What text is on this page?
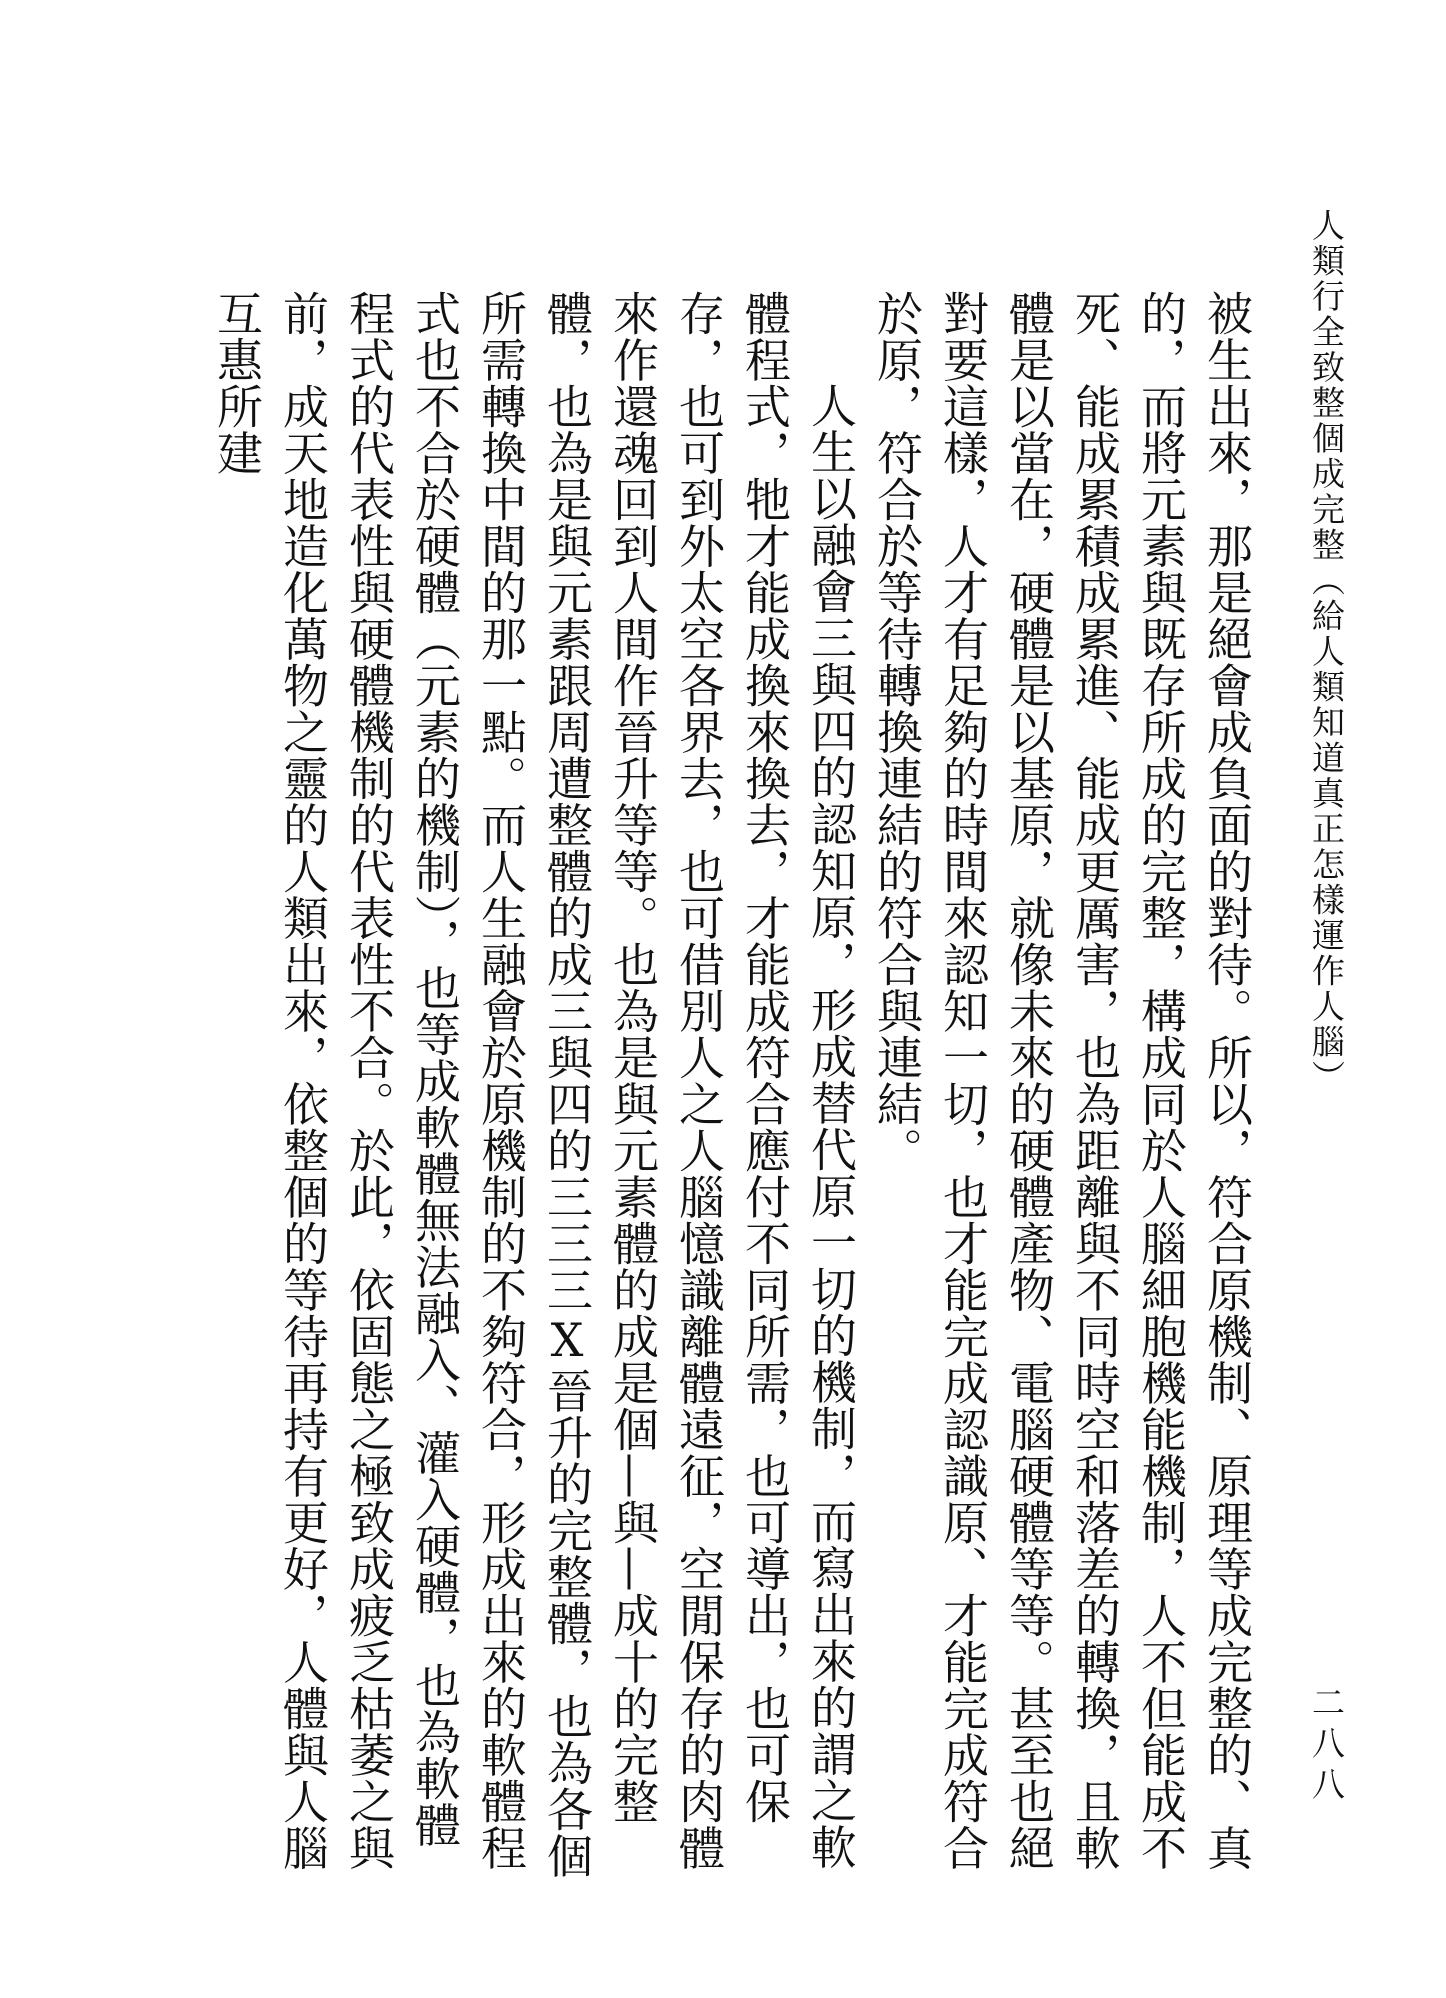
人類行全致整個成完整（給人類知道真正怎樣運作人腦）
二八八

被生出來，那是絕會成負面的對待。所以，符合原機制、原理等成完整的、真的，而將元素與既存所成的完整，構成同於人腦細胞機能機制，人不但能成不死、能成累積成累進、能成更厲害，也為距離與不同時空和落差的轉換，且軟體是以當在，硬體是以基原，就像未來的硬體產物、電腦硬體等等。甚至也絕對要這樣，人才有足夠的時間來認知一切，也才能完成認識原、才能完成符合於原，符合於等待轉換連結的符合與連結。

人生以融會三與四的認知原，形成替代原一切的機制，而寫出來的謂之軟體程式，牠才能成換來換去，才能成符合應付不同所需，也可導出，也可保存，也可到外太空各界去，也可借別人之人腦憶識離體遠征，空閒保存的肉體來作還魂回到人間作晉升等等。也為是與元素體的成是個—與—成十的完整體，也為是與元素跟周遭整體的成三與四的三三三Ⅹ晉升的完整體，也為各個所需轉換中間的那一點。而人生融會於原機制的不夠符合，形成出來的軟體程式也不合於硬體（元素的機制），也等成軟體無法融入、灌入硬體，也為軟體程式的代表性與硬體機制的代表性不合。於此，依固態之極致成疲乏枯萎之與前，成天地造化萬物之靈的人類出來，依整個的等待再持有更好，人體與人腦互惠所建
